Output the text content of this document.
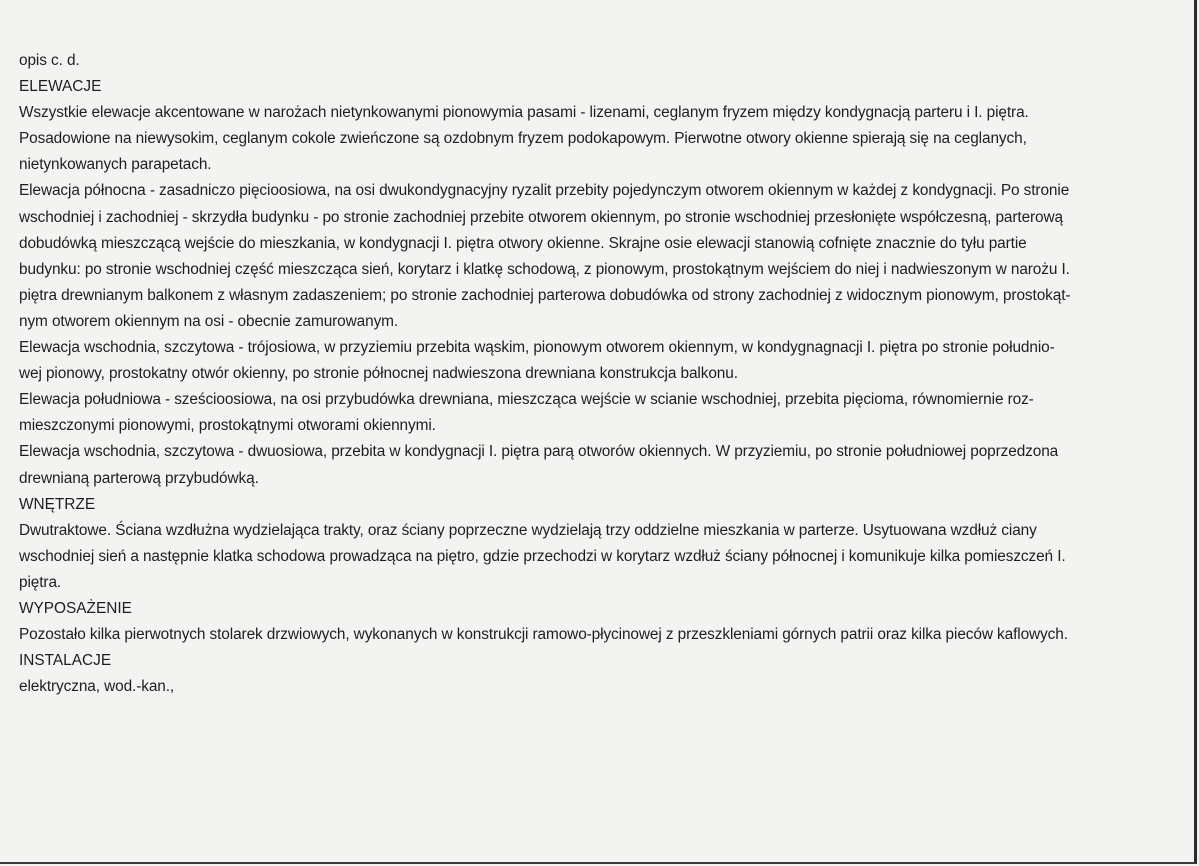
opis c. d.
ELEWACJE
Wszystkie elewacje akcentowane w narożach nietynkowanymi pionowymia pasami - lizenami, ceglanym fryzem między kondygnacją parteru i I. piętra.
Posadowione na niewysokim, ceglanym cokole zwieńczone są ozdobnym fryzem podokapowym. Pierwotne otwory okienne spierają się na ceglanych,
nietynkowanych parapetach.
Elewacja północna - zasadniczo pięcioosiowa, na osi dwukondygnacyjny ryzalit przebity pojedynczym otworem okiennym w każdej z kondygnacji. Po stronie
wschodniej i zachodniej - skrzydła budynku - po stronie zachodniej przebite otworem okiennym, po stronie wschodniej przesłonięte współczesną, parterową
dobudówką mieszczącą wejście do mieszkania, w kondygnacji I. piętra otwory okienne. Skrajne osie elewacji stanowią cofnięte znacznie do tyłu partie
budynku: po stronie wschodniej część mieszcząca sień, korytarz i klatkę schodową, z pionowym, prostokątnym wejściem do niej i nadwieszonym w narożu I.
piętra drewnianym balkonem z własnym zadaszeniem; po stronie zachodniej parterowa dobudówka od strony zachodniej z widocznym pionowym, prostokąt-
nym otworem okiennym na osi - obecnie zamurowanym.
Elewacja wschodnia, szczytowa - trójosiowa, w przyziemiu przebita wąskim, pionowym otworem okiennym, w kondygnagnacji I. piętra po stronie południo-
wej pionowy, prostokatny otwór okienny, po stronie północnej nadwieszona drewniana konstrukcja balkonu.
Elewacja południowa - sześcioosiowa, na osi przybudówka drewniana, mieszcząca wejście w scianie wschodniej, przebita pięcioma, równomiernie roz-
mieszczonymi pionowymi, prostokątnymi otworami okiennymi.
Elewacja wschodnia, szczytowa - dwuosiowa, przebita w kondygnacji I. piętra parą otworów okiennych. W przyziemiu, po stronie południowej poprzedzona
drewnianą parterową przybudówką.
WNĘTRZE
Dwutraktowe. Ściana wzdłużna wydzielająca trakty, oraz ściany poprzeczne wydzielają trzy oddzielne mieszkania w parterze. Usytuowana wzdłuż ciany
wschodniej sień a następnie klatka schodowa prowadząca na piętro, gdzie przechodzi w korytarz wzdłuż ściany północnej i komunikuje kilka pomieszczeń I.
piętra.
WYPOSAŻENIE
Pozostało kilka pierwotnych stolarek drzwiowych, wykonanych w konstrukcji ramowo-płycinowej z przeszkleniami górnych patrii oraz kilka pieców kaflowych.
INSTALACJE
elektryczna, wod.-kan.,
